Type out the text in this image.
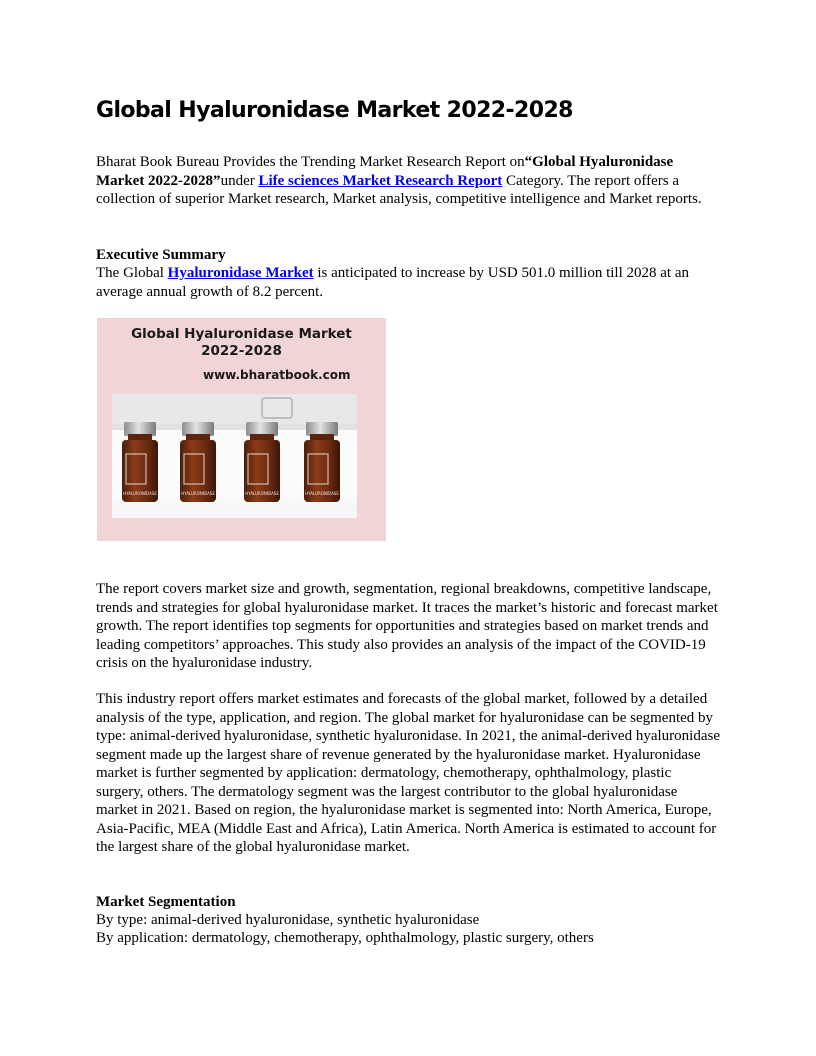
Global Hyaluronidase Market 2022-2028

Bharat Book Bureau Provides the Trending Market Research Report on“Global Hyaluronidase Market 2022-2028”under Life sciences Market Research Report Category. The report offers a collection of superior Market research, Market analysis, competitive intelligence and Market reports.

Executive Summary

The Global Hyaluronidase Market is anticipated to increase by USD 501.0 million till 2028 at an average annual growth of 8.2 percent.

Global Hyaluronidase Market
2022-2028
www.bharatbook.com
HYALURONIDASE	HYALURONIDASE	HYALURONIDASE	HYALURONIDASE

The report covers market size and growth, segmentation, regional breakdowns, competitive landscape, trends and strategies for global hyaluronidase market. It traces the market’s historic and forecast market growth. The report identifies top segments for opportunities and strategies based on market trends and leading competitors’ approaches. This study also provides an analysis of the impact of the COVID-19 crisis on the hyaluronidase industry.

This industry report offers market estimates and forecasts of the global market, followed by a detailed analysis of the type, application, and region. The global market for hyaluronidase can be segmented by type: animal-derived hyaluronidase, synthetic hyaluronidase. In 2021, the animal-derived hyaluronidase segment made up the largest share of revenue generated by the hyaluronidase market. Hyaluronidase market is further segmented by application: dermatology, chemotherapy, ophthalmology, plastic surgery, others. The dermatology segment was the largest contributor to the global hyaluronidase market in 2021. Based on region, the hyaluronidase market is segmented into: North America, Europe, Asia-Pacific, MEA (Middle East and Africa), Latin America. North America is estimated to account for the largest share of the global hyaluronidase market.

Market Segmentation

By type: animal-derived hyaluronidase, synthetic hyaluronidase

By application: dermatology, chemotherapy, ophthalmology, plastic surgery, others
